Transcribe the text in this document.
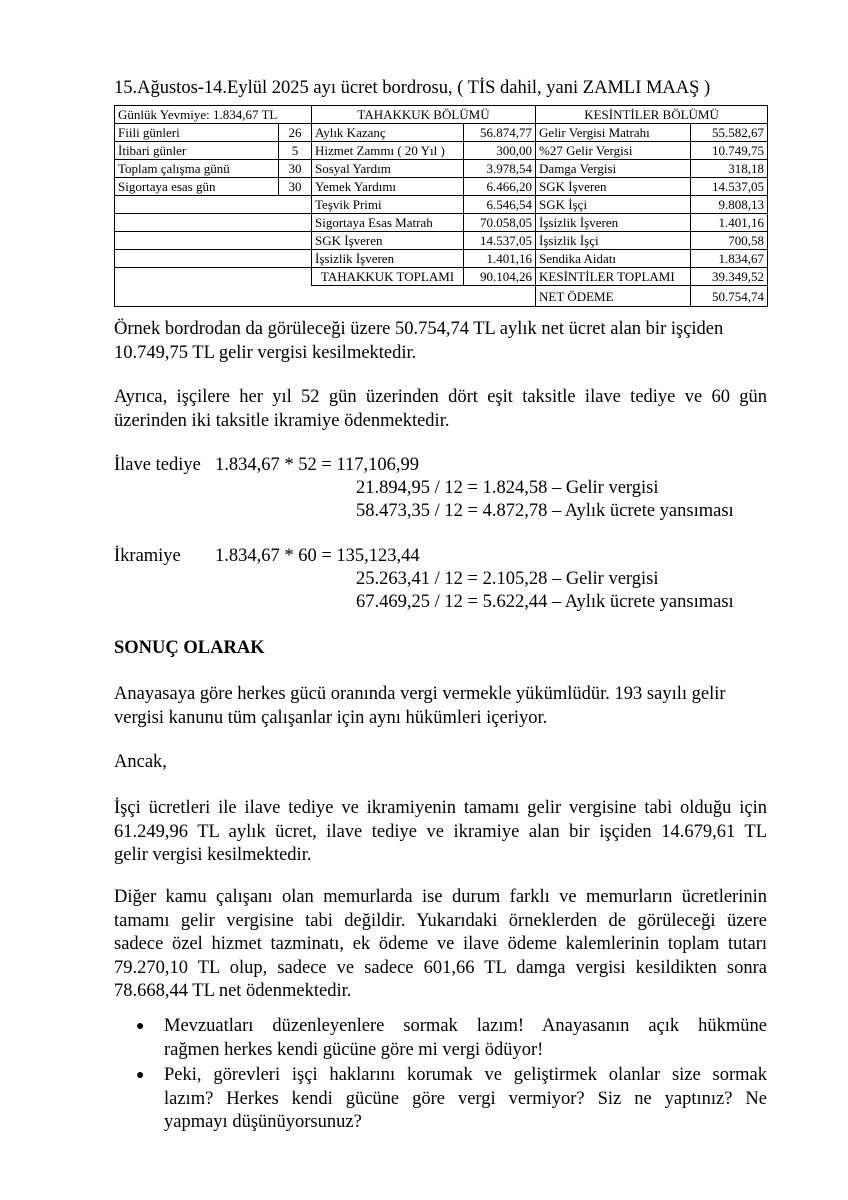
15.Ağustos-14.Eylül 2025 ayı ücret bordrosu, ( TİS dahil, yani ZAMLI MAAŞ )
Günlük Yevmiye: 1.834,67 TL		TAHAKKUK BÖLÜMÜ		KESİNTİLER BÖLÜMÜ	
Fiili günleri	26	Aylık Kazanç	56.874,77	Gelir Vergisi Matrahı	55.582,67
İtibari günler	5	Hizmet Zammı ( 20 Yıl )	300,00	%27 Gelir Vergisi	10.749,75
Toplam çalışma günü	30	Sosyal Yardım	3.978,54	Damga Vergisi	318,18
Sigortaya esas gün	30	Yemek Yardımı	6.466,20	SGK İşveren	14.537,05
		Teşvik Primi	6.546,54	SGK İşçi	9.808,13
		Sigortaya Esas Matrah	70.058,05	İşsizlik İşveren	1.401,16
		SGK İşveren	14.537,05	İşsizlik İşçi	700,58
		İşsizlik İşveren	1.401,16	Sendika Aidatı	1.834,67
		TAHAKKUK TOPLAMI	90.104,26	KESİNTİLER TOPLAMI	39.349,52
				NET ÖDEME	50.754,74
Örnek bordrodan da görüleceği üzere 50.754,74 TL aylık net ücret alan bir işçiden
10.749,75 TL gelir vergisi kesilmektedir.
Ayrıca, işçilere her yıl 52 gün üzerinden dört eşit taksitle ilave tediye ve 60 gün
üzerinden iki taksitle ikramiye ödenmektedir.
İlave tediye 1.834,67 * 52 = 117,106,99
21.894,95 / 12 = 1.824,58 – Gelir vergisi
58.473,35 / 12 = 4.872,78 – Aylık ücrete yansıması
İkramiye 1.834,67 * 60 = 135,123,44
25.263,41 / 12 = 2.105,28 – Gelir vergisi
67.469,25 / 12 = 5.622,44 – Aylık ücrete yansıması
SONUÇ OLARAK
Anayasaya göre herkes gücü oranında vergi vermekle yükümlüdür. 193 sayılı gelir
vergisi kanunu tüm çalışanlar için aynı hükümleri içeriyor.
Ancak,
İşçi ücretleri ile ilave tediye ve ikramiyenin tamamı gelir vergisine tabi olduğu için
61.249,96 TL aylık ücret, ilave tediye ve ikramiye alan bir işçiden 14.679,61 TL
gelir vergisi kesilmektedir.
Diğer kamu çalışanı olan memurlarda ise durum farklı ve memurların ücretlerinin
tamamı gelir vergisine tabi değildir. Yukarıdaki örneklerden de görüleceği üzere
sadece özel hizmet tazminatı, ek ödeme ve ilave ödeme kalemlerinin toplam tutarı
79.270,10 TL olup, sadece ve sadece 601,66 TL damga vergisi kesildikten sonra
78.668,44 TL net ödenmektedir.
● Mevzuatları düzenleyenlere sormak lazım! Anayasanın açık hükmüne
rağmen herkes kendi gücüne göre mi vergi ödüyor!
● Peki, görevleri işçi haklarını korumak ve geliştirmek olanlar size sormak
lazım? Herkes kendi gücüne göre vergi vermiyor? Siz ne yaptınız? Ne
yapmayı düşünüyorsunuz?
